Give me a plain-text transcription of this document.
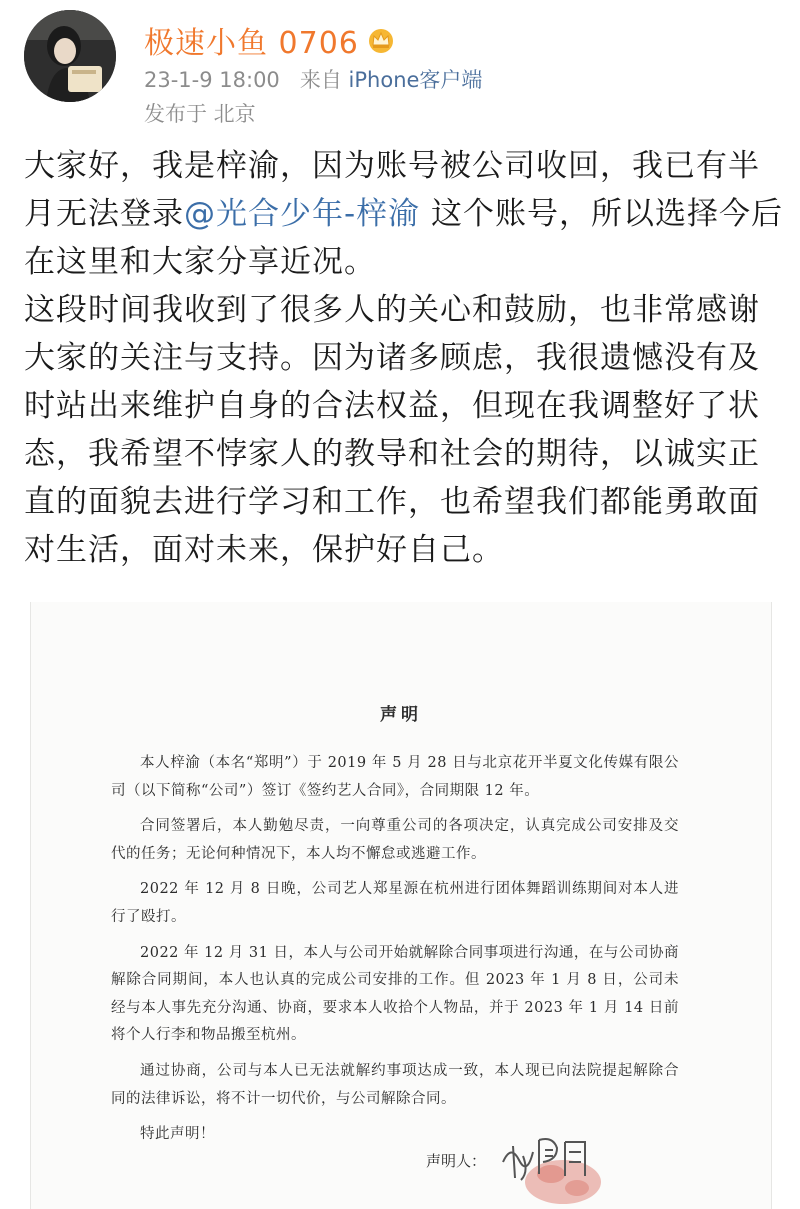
极速小鱼 0706
23-1-9 18:00 来自 iPhone客户端
发布于 北京

大家好，我是梓渝，因为账号被公司收回，我已有半月无法登录@光合少年-梓渝 这个账号，所以选择今后在这里和大家分享近况。

这段时间我收到了很多人的关心和鼓励，也非常感谢大家的关注与支持。因为诸多顾虑，我很遗憾没有及时站出来维护自身的合法权益，但现在我调整好了状态，我希望不悖家人的教导和社会的期待，以诚实正直的面貌去进行学习和工作，也希望我们都能勇敢面对生活，面对未来，保护好自己。

声明

本人梓渝（本名“郑明”）于 2019 年 5 月 28 日与北京花开半夏文化传媒有限公司（以下简称“公司”）签订《签约艺人合同》，合同期限 12 年。

合同签署后，本人勤勉尽责，一向尊重公司的各项决定，认真完成公司安排及交代的任务；无论何种情况下，本人均不懈怠或逃避工作。

2022 年 12 月 8 日晚，公司艺人郑星源在杭州进行团体舞蹈训练期间对本人进行了殴打。

2022 年 12 月 31 日，本人与公司开始就解除合同事项进行沟通，在与公司协商解除合同期间，本人也认真的完成公司安排的工作。但 2023 年 1 月 8 日，公司未经与本人事先充分沟通、协商，要求本人收拾个人物品，并于 2023 年 1 月 14 日前将个人行李和物品搬至杭州。

通过协商，公司与本人已无法就解约事项达成一致，本人现已向法院提起解除合同的法律诉讼，将不计一切代价，与公司解除合同。

特此声明！

声明人：
